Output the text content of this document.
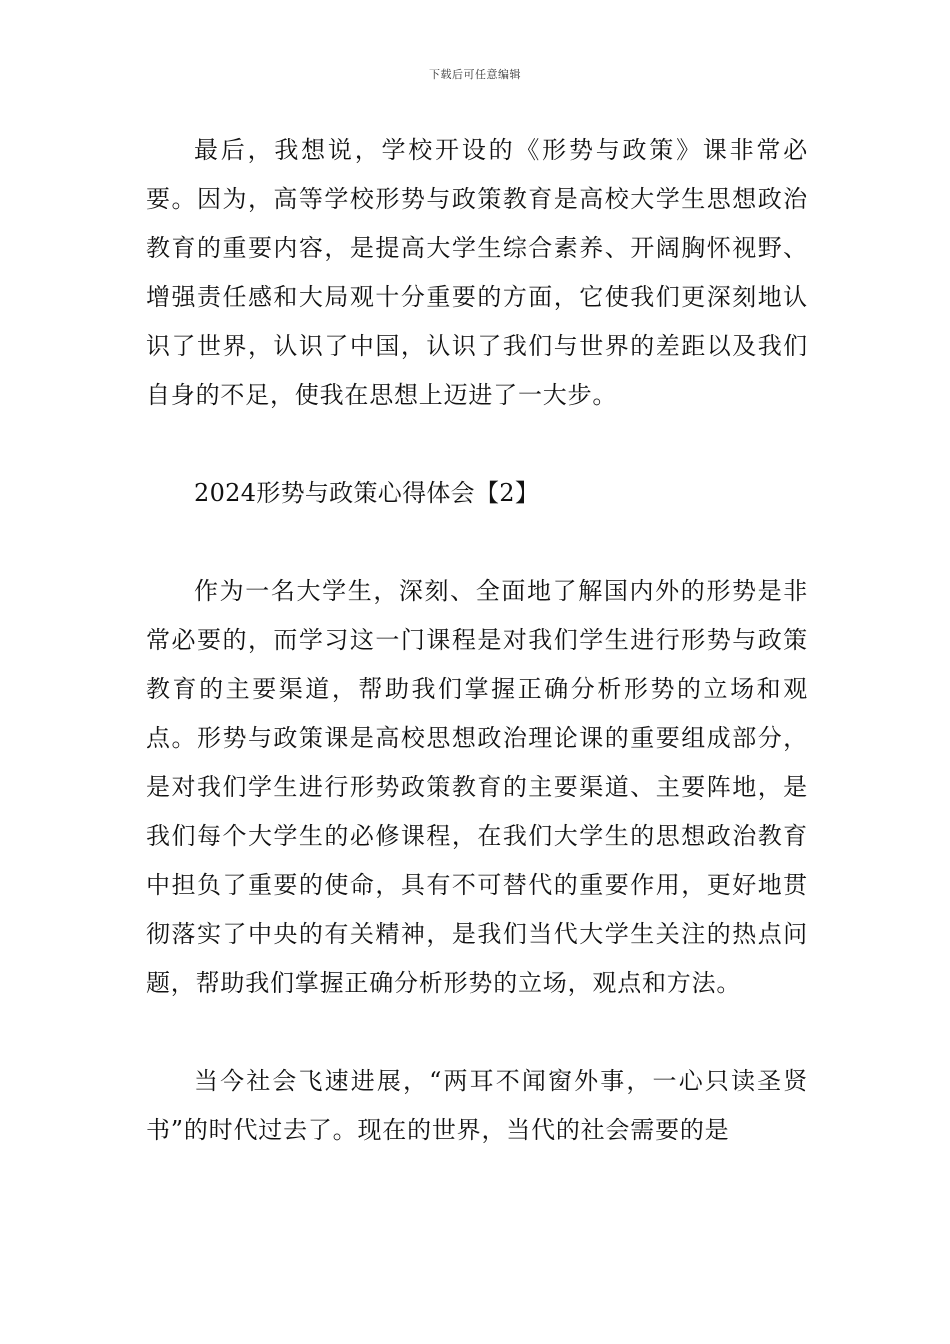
下载后可任意编辑

最后，我想说，学校开设的《形势与政策》课非常必要。因为，高等学校形势与政策教育是高校大学生思想政治教育的重要内容，是提高大学生综合素养、开阔胸怀视野、增强责任感和大局观十分重要的方面，它使我们更深刻地认识了世界，认识了中国，认识了我们与世界的差距以及我们自身的不足，使我在思想上迈进了一大步。

2024形势与政策心得体会【2】

作为一名大学生，深刻、全面地了解国内外的形势是非常必要的，而学习这一门课程是对我们学生进行形势与政策教育的主要渠道，帮助我们掌握正确分析形势的立场和观点。形势与政策课是高校思想政治理论课的重要组成部分，是对我们学生进行形势政策教育的主要渠道、主要阵地，是我们每个大学生的必修课程，在我们大学生的思想政治教育中担负了重要的使命，具有不可替代的重要作用，更好地贯彻落实了中央的有关精神，是我们当代大学生关注的热点问题，帮助我们掌握正确分析形势的立场，观点和方法。

当今社会飞速进展，“两耳不闻窗外事，一心只读圣贤书”的时代过去了。现在的世界，当代的社会需要的是
